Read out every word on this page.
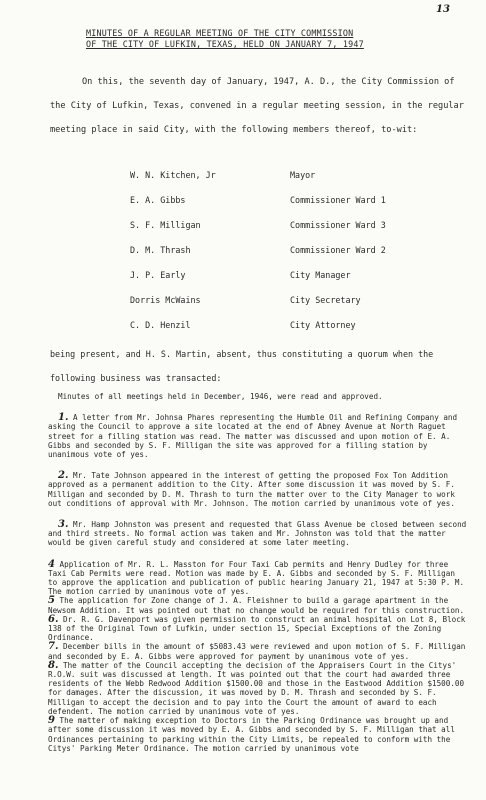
13
MINUTES OF A REGULAR MEETING OF THE CITY COMMISSION
OF THE CITY OF LUFKIN, TEXAS, HELD ON JANUARY 7, 1947

On this, the seventh day of January, 1947, A. D., the City Commission of the City of Lufkin, Texas, convened in a regular meeting session, in the regular meeting place in said City, with the following members thereof, to-wit:

W. N. Kitchen, Jr	Mayor
E. A. Gibbs	Commissioner Ward 1
S. F. Milligan	Commissioner Ward 3
D. M. Thrash	Commissioner Ward 2
J. P. Early	City Manager
Dorris McWains	City Secretary
C. D. Henzil	City Attorney

being present, and H. S. Martin, absent, thus constituting a quorum when the following business was transacted:

Minutes of all meetings held in December, 1946, were read and approved.

1. A letter from Mr. Johnsa Phares representing the Humble Oil and Refining Company and asking the Council to approve a site located at the end of Abney Avenue at North Raguet street for a filling station was read. The matter was discussed and upon motion of E. A. Gibbs and seconded by S. F. Milligan the site was approved for a filling station by unanimous vote of yes.

2. Mr. Tate Johnson appeared in the interest of getting the proposed Fox Ton Addition approved as a permanent addition to the City. After some discussion it was moved by S. F. Milligan and seconded by D. M. Thrash to turn the matter over to the City Manager to work out conditions of approval with Mr. Johnson. The motion carried by unanimous vote of yes.

3. Mr. Hamp Johnston was present and requested that Glass Avenue be closed between second and third streets. No formal action was taken and Mr. Johnston was told that the matter would be given careful study and considered at some later meeting.

4 Application of Mr. R. L. Masston for Four Taxi Cab permits and Henry Dudley for three Taxi Cab Permits were read. Motion was made by E. A. Gibbs and seconded by S. F. Milligan to approve the application and publication of public hearing January 21, 1947 at 5:30 P. M. The motion carried by unanimous vote of yes.

5 The application for Zone change of J. A. Fleishner to build a garage apartment in the Newsom Addition. It was pointed out that no change would be required for this construction.

6. Dr. R. G. Davenport was given permission to construct an animal hospital on Lot 8, Block 138 of the Original Town of Lufkin, under section 15, Special Exceptions of the Zoning Ordinance.

7. December bills in the amount of $5083.43 were reviewed and upon motion of S. F. Milligan and seconded by E. A. Gibbs were approved for payment by unanimous vote of yes.

8. The matter of the Council accepting the decision of the Appraisers Court in the Citys' R.O.W. suit was discussed at length. It was pointed out that the court had awarded three residents of the Webb Redwood Addition $1500.00 and those in the Eastwood Addition $1500.00 for damages. After the discussion, it was moved by D. M. Thrash and seconded by S. F. Milligan to accept the decision and to pay into the Court the amount of award to each defendent. The motion carried by unanimous vote of yes.

9 The matter of making exception to Doctors in the Parking Ordinance was brought up and after some discussion it was moved by E. A. Gibbs and seconded by S. F. Milligan that all Ordinances pertaining to parking within the City Limits, be repealed to conform with the Citys' Parking Meter Ordinance. The motion carried by unanimous vote
